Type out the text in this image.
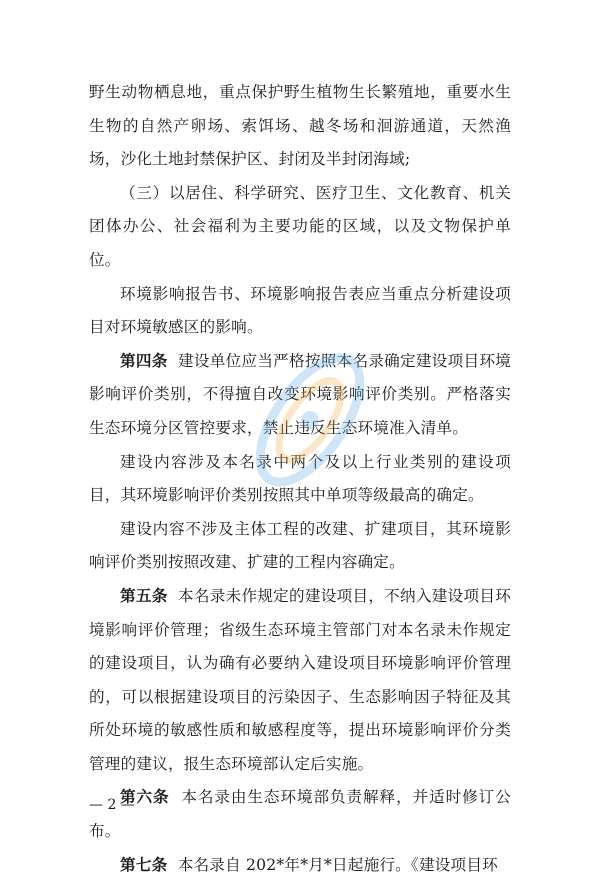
野生动物栖息地，重点保护野生植物生长繁殖地，重要水生生物的自然产卵场、索饵场、越冬场和洄游通道，天然渔场，沙化土地封禁保护区、封闭及半封闭海域;

（三）以居住、科学研究、医疗卫生、文化教育、机关团体办公、社会福利为主要功能的区域，以及文物保护单位。

环境影响报告书、环境影响报告表应当重点分析建设项目对环境敏感区的影响。

第四条 建设单位应当严格按照本名录确定建设项目环境影响评价类别，不得擅自改变环境影响评价类别。严格落实生态环境分区管控要求，禁止违反生态环境准入清单。

建设内容涉及本名录中两个及以上行业类别的建设项目，其环境影响评价类别按照其中单项等级最高的确定。

建设内容不涉及主体工程的改建、扩建项目，其环境影响评价类别按照改建、扩建的工程内容确定。

第五条 本名录未作规定的建设项目，不纳入建设项目环境影响评价管理；省级生态环境主管部门对本名录未作规定的建设项目，认为确有必要纳入建设项目环境影响评价管理的，可以根据建设项目的污染因子、生态影响因子特征及其所处环境的敏感性质和敏感程度等，提出环境影响评价分类管理的建议，报生态环境部认定后实施。

第六条 本名录由生态环境部负责解释，并适时修订公布。

第七条 本名录自 202*年*月*日起施行。《建设项目环

— 2 —
